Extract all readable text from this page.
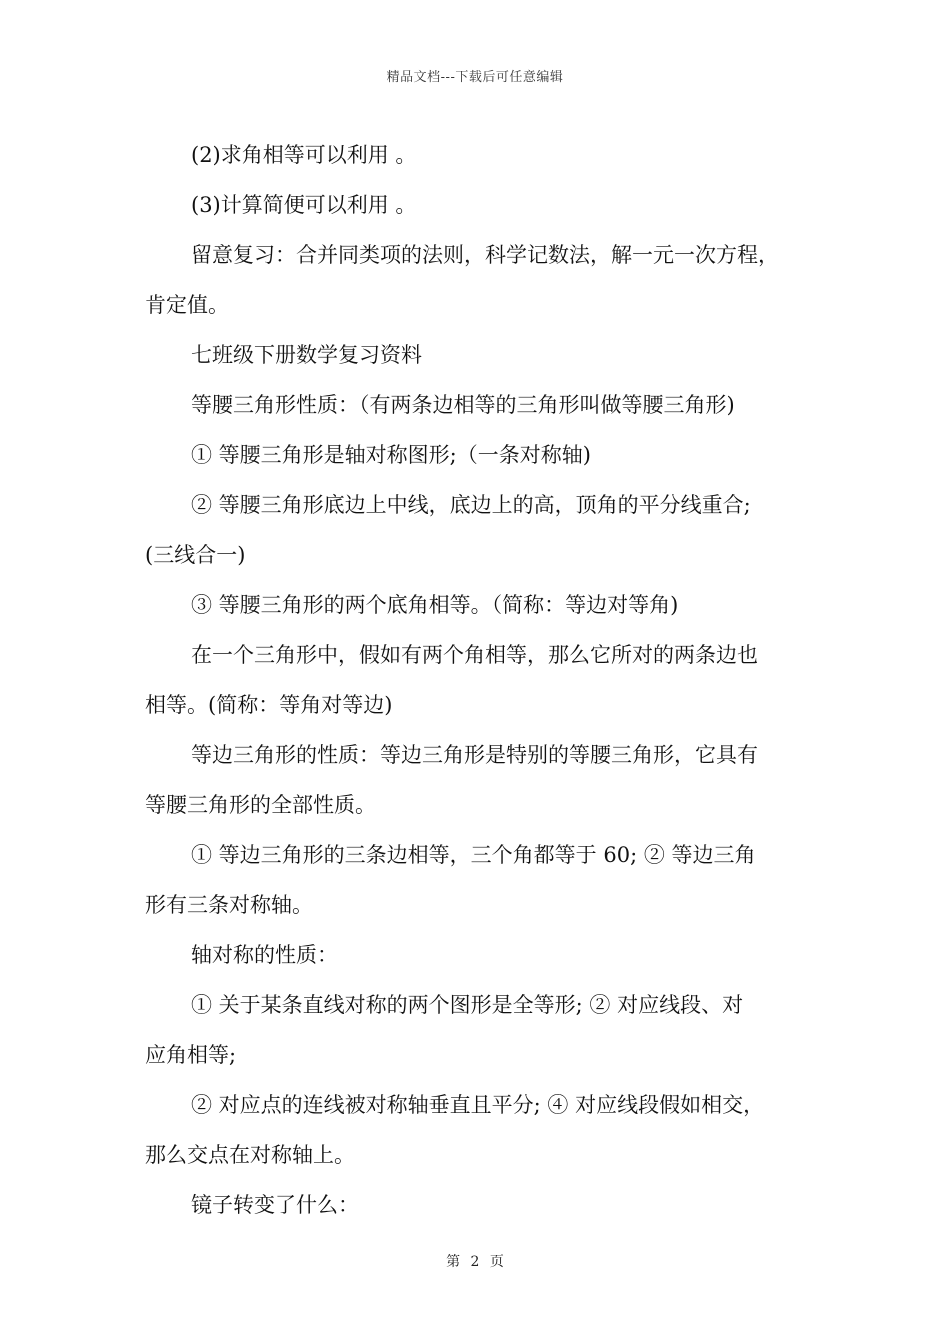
精品文档---下载后可任意编辑

(2)求角相等可以利用 。

(3)计算简便可以利用 。

留意复习：合并同类项的法则，科学记数法，解一元一次方程，

肯定值。

七班级下册数学复习资料

等腰三角形性质：（有两条边相等的三角形叫做等腰三角形)

① 等腰三角形是轴对称图形;（一条对称轴)

② 等腰三角形底边上中线，底边上的高，顶角的平分线重合;

(三线合一)

③ 等腰三角形的两个底角相等。（简称：等边对等角)

在一个三角形中，假如有两个角相等，那么它所对的两条边也

相等。(简称：等角对等边)

等边三角形的性质：等边三角形是特别的等腰三角形，它具有

等腰三角形的全部性质。

① 等边三角形的三条边相等，三个角都等于 60; ② 等边三角

形有三条对称轴。

轴对称的性质：

① 关于某条直线对称的两个图形是全等形; ② 对应线段、对

应角相等;

② 对应点的连线被对称轴垂直且平分; ④ 对应线段假如相交，

那么交点在对称轴上。

镜子转变了什么：

第 2 页
